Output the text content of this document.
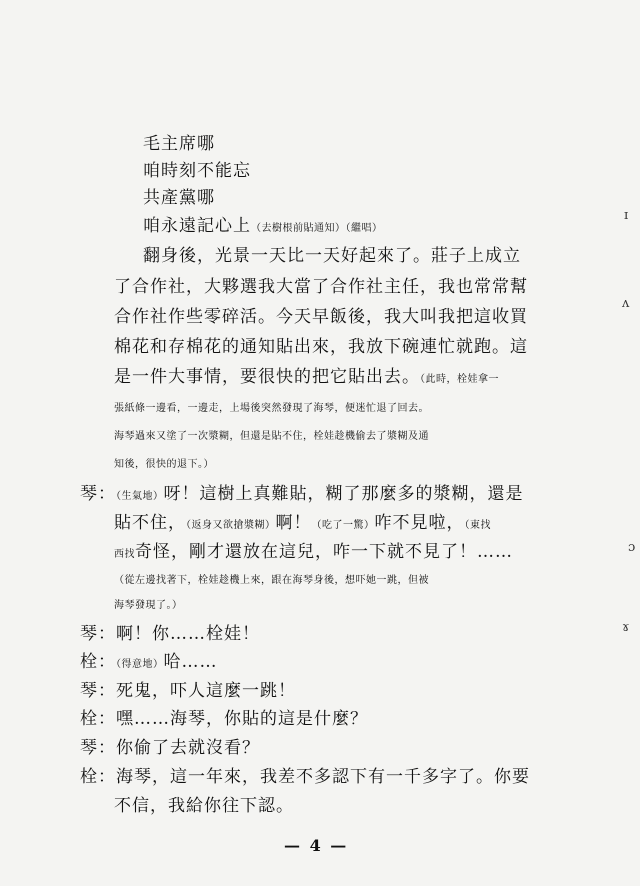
毛主席哪
咱時刻不能忘
共產黨哪
咱永遠記心上（去樹根前貼通知）（繼唱）
翻身後，光景一天比一天好起來了。莊子上成立
了合作社，大夥選我大當了合作社主任，我也常常幫
合作社作些零碎活。今天早飯後，我大叫我把這收買
棉花和存棉花的通知貼出來，我放下碗連忙就跑。這
是一件大事情，要很快的把它貼出去。（此時，栓娃拿一
張紙條一邊看，一邊走，上場後突然發現了海琴，便迷忙退了回去。
海琴過來又塗了一次漿糊，但還是貼不住，栓娃趁機偷去了漿糊及通
知後，很快的退下。）
琴：（生氣地）呀！這樹上真難貼，糊了那麼多的漿糊，還是
貼不住，（返身又欲搶漿糊）啊！（吃了一驚）咋不見啦，（東找
西找奇怪，剛才還放在這兒，咋一下就不見了！……
（從左邊找著下，栓娃趁機上來，跟在海琴身後，想吓她一跳，但被
海琴發現了。）
琴：啊！你……栓娃！
栓：（得意地）哈……
琴：死鬼，吓人這麼一跳！
栓：嘿……海琴，你貼的這是什麼？
琴：你偷了去就沒看？
栓：海琴，這一年來，我差不多認下有一千多字了。你要
不信，我給你往下認。
— 4 —
ɪ
ʌ
ɔ
ɤ
